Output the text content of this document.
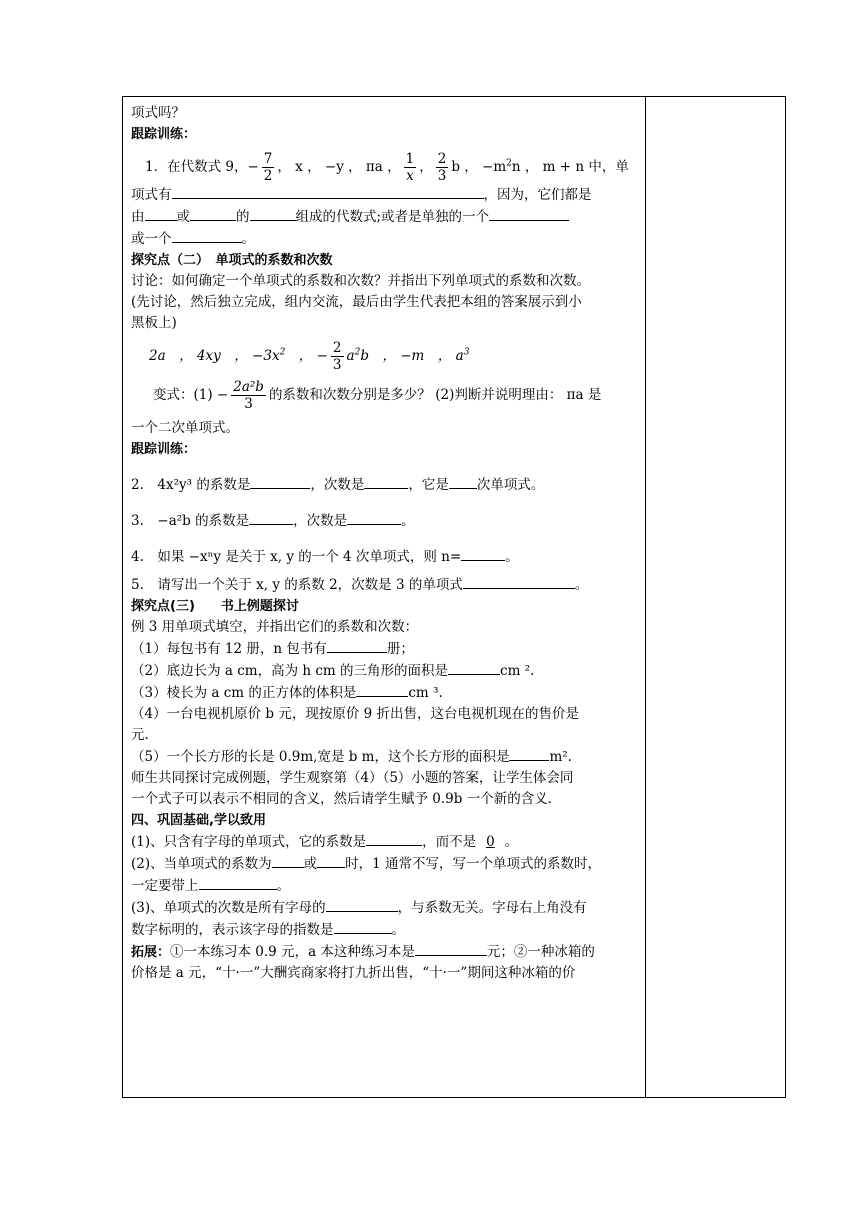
项式吗？
跟踪训练：
1．在代数式 9，− $\frac{7}{2}$ ， x ， −y ， πa ， $\frac{1}{x}$ ， $\frac{2}{3}$ b ， $-m^2n$ ， m + n 中，单
项式有	，因为，它们都是
由 或	的	组成的代数式;或者是单独的一个
或一个	。
探究点（二）　单项式的系数和次数
讨论：如何确定一个单项式的系数和次数？并指出下列单项式的系数和次数。
(先讨论，然后独立完成，组内交流，最后由学生代表把本组的答案展示到小
黑板上)
2a　， 4xy　， $-3x^2$　， − $\frac{2}{3} a^2b$　， −m　， $a^3$
变式：$(1) - \frac{\text{2a²b}}{3}$ 的系数和次数分别是多少？ (2)判断并说明理由： πa 是
一个二次单项式。
跟踪训练：
2.　4x²y³ 的系数是	，次数是	，它是 次单项式。
3.　−a²b 的系数是	，次数是	。
4.　如果 −xⁿy 是关于 x, y 的一个 4 次单项式，则 n=	。
5.　请写出一个关于 x, y 的系数 2，次数是 3 的单项式	。
探究点(三)　　书上例题探讨
例 3 用单项式填空，并指出它们的系数和次数：
（1）每包书有 12 册，n 包书有	册；
（2）底边长为 a cm，高为 h cm 的三角形的面积是	cm ².
（3）棱长为 a cm 的正方体的体积是	cm ³.
（4）一台电视机原价 b 元，现按原价 9 折出售，这台电视机现在的售价是
元.
（5）一个长方形的长是 0.9m,宽是 b m，这个长方形的面积是	m².
师生共同探讨完成例题，学生观察第（4）（5）小题的答案，让学生体会同
一个式子可以表示不相同的含义，然后请学生赋予 0.9b 一个新的含义.
四、巩固基础,学以致用
(1)、只含有字母的单项式，它的系数是	，而不是 0 。
(2)、当单项式的系数为 或 时，1 通常不写，写一个单项式的系数时，
一定要带上	。
(3)、单项式的次数是所有字母的	，与系数无关。字母右上角没有
数字标明的，表示该字母的指数是	。
拓展：①一本练习本 0.9 元，a 本这种练习本是	元；②一种冰箱的
价格是 a 元，“十·一”大酬宾商家将打九折出售，“十·一”期间这种冰箱的价
